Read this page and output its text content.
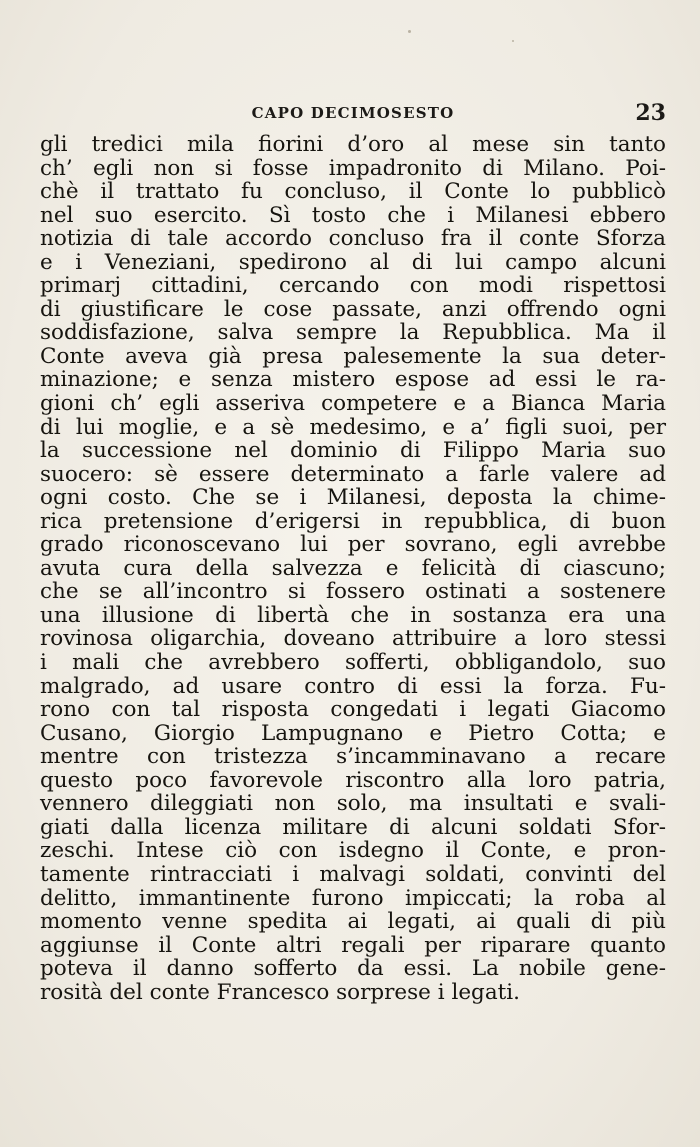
CAPO DECIMOSESTO	23
gli tredici mila fiorini d’oro al mese sin tanto
ch’ egli non si fosse impadronito di Milano. Poi-
chè il trattato fu concluso, il Conte lo pubblicò
nel suo esercito. Sì tosto che i Milanesi ebbero
notizia di tale accordo concluso fra il conte Sforza
e i Veneziani, spedirono al di lui campo alcuni
primarj cittadini, cercando con modi rispettosi
di giustificare le cose passate, anzi offrendo ogni
soddisfazione, salva sempre la Repubblica. Ma il
Conte aveva già presa palesemente la sua deter-
minazione; e senza mistero espose ad essi le ra-
gioni ch’ egli asseriva competere e a Bianca Maria
di lui moglie, e a sè medesimo, e a’ figli suoi, per
la successione nel dominio di Filippo Maria suo
suocero: sè essere determinato a farle valere ad
ogni costo. Che se i Milanesi, deposta la chime-
rica pretensione d’erigersi in repubblica, di buon
grado riconoscevano lui per sovrano, egli avrebbe
avuta cura della salvezza e felicità di ciascuno;
che se all’incontro si fossero ostinati a sostenere
una illusione di libertà che in sostanza era una
rovinosa oligarchia, doveano attribuire a loro stessi
i mali che avrebbero sofferti, obbligandolo, suo
malgrado, ad usare contro di essi la forza. Fu-
rono con tal risposta congedati i legati Giacomo
Cusano, Giorgio Lampugnano e Pietro Cotta; e
mentre con tristezza s’incamminavano a recare
questo poco favorevole riscontro alla loro patria,
vennero dileggiati non solo, ma insultati e svali-
giati dalla licenza militare di alcuni soldati Sfor-
zeschi. Intese ciò con isdegno il Conte, e pron-
tamente rintracciati i malvagi soldati, convinti del
delitto, immantinente furono impiccati; la roba al
momento venne spedita ai legati, ai quali di più
aggiunse il Conte altri regali per riparare quanto
poteva il danno sofferto da essi. La nobile gene-
rosità del conte Francesco sorprese i legati.
